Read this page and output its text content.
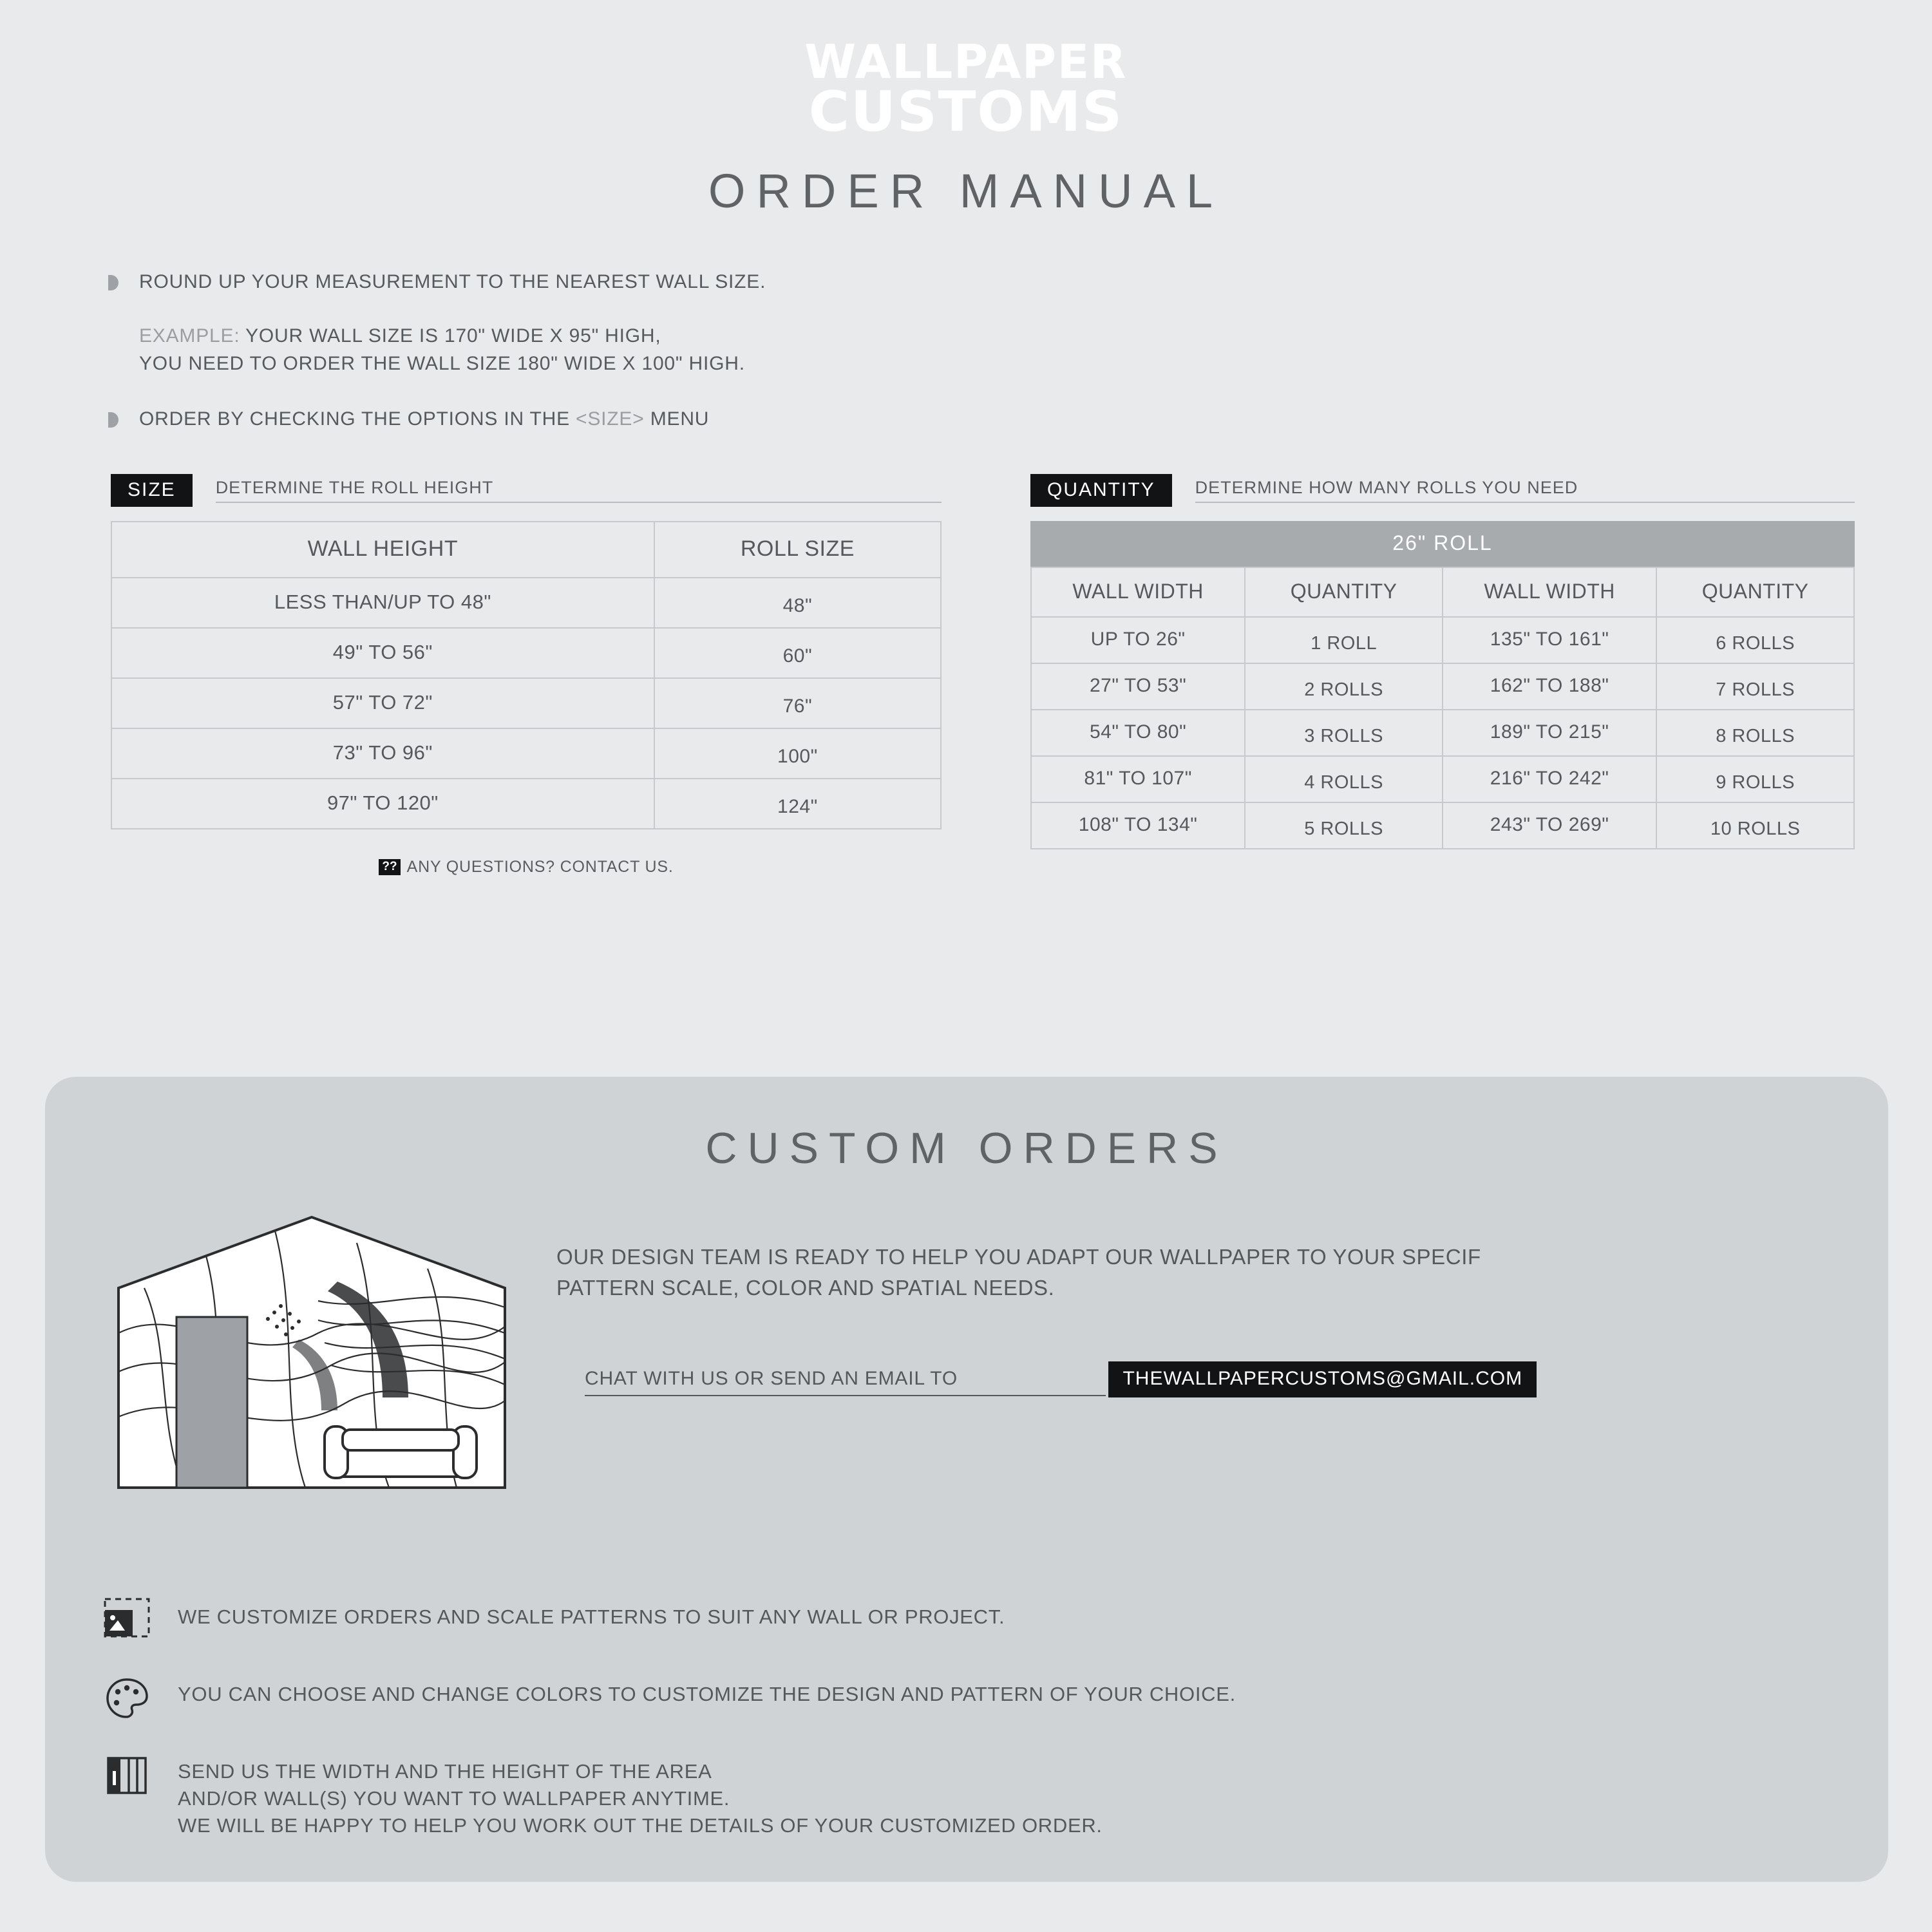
WALLPAPER
CUSTOMS
ORDER MANUAL
ROUND UP YOUR MEASUREMENT TO THE NEAREST WALL SIZE.
EXAMPLE: YOUR WALL SIZE IS 170" WIDE X 95" HIGH,
YOU NEED TO ORDER THE WALL SIZE 180" WIDE X 100" HIGH.
ORDER BY CHECKING THE OPTIONS IN THE <SIZE> MENU
SIZE	DETERMINE THE ROLL HEIGHT
WALL HEIGHT	ROLL SIZE
LESS THAN/UP TO 48"	48"
49" TO 56"	60"
57" TO 72"	76"
73" TO 96"	100"
97" TO 120"	124"
?? ANY QUESTIONS? CONTACT US.
QUANTITY	DETERMINE HOW MANY ROLLS YOU NEED
26" ROLL
WALL WIDTH	QUANTITY	WALL WIDTH	QUANTITY
UP TO 26"	1 ROLL	135" TO 161"	6 ROLLS
27" TO 53"	2 ROLLS	162" TO 188"	7 ROLLS
54" TO 80"	3 ROLLS	189" TO 215"	8 ROLLS
81" TO 107"	4 ROLLS	216" TO 242"	9 ROLLS
108" TO 134"	5 ROLLS	243" TO 269"	10 ROLLS
CUSTOM ORDERS
OUR DESIGN TEAM IS READY TO HELP YOU ADAPT OUR WALLPAPER TO YOUR SPECIF
PATTERN SCALE, COLOR AND SPATIAL NEEDS.
CHAT WITH US OR SEND AN EMAIL TO	THEWALLPAPERCUSTOMS@GMAIL.COM
WE CUSTOMIZE ORDERS AND SCALE PATTERNS TO SUIT ANY WALL OR PROJECT.
YOU CAN CHOOSE AND CHANGE COLORS TO CUSTOMIZE THE DESIGN AND PATTERN OF YOUR CHOICE.
SEND US THE WIDTH AND THE HEIGHT OF THE AREA
AND/OR WALL(S) YOU WANT TO WALLPAPER ANYTIME.
WE WILL BE HAPPY TO HELP YOU WORK OUT THE DETAILS OF YOUR CUSTOMIZED ORDER.
